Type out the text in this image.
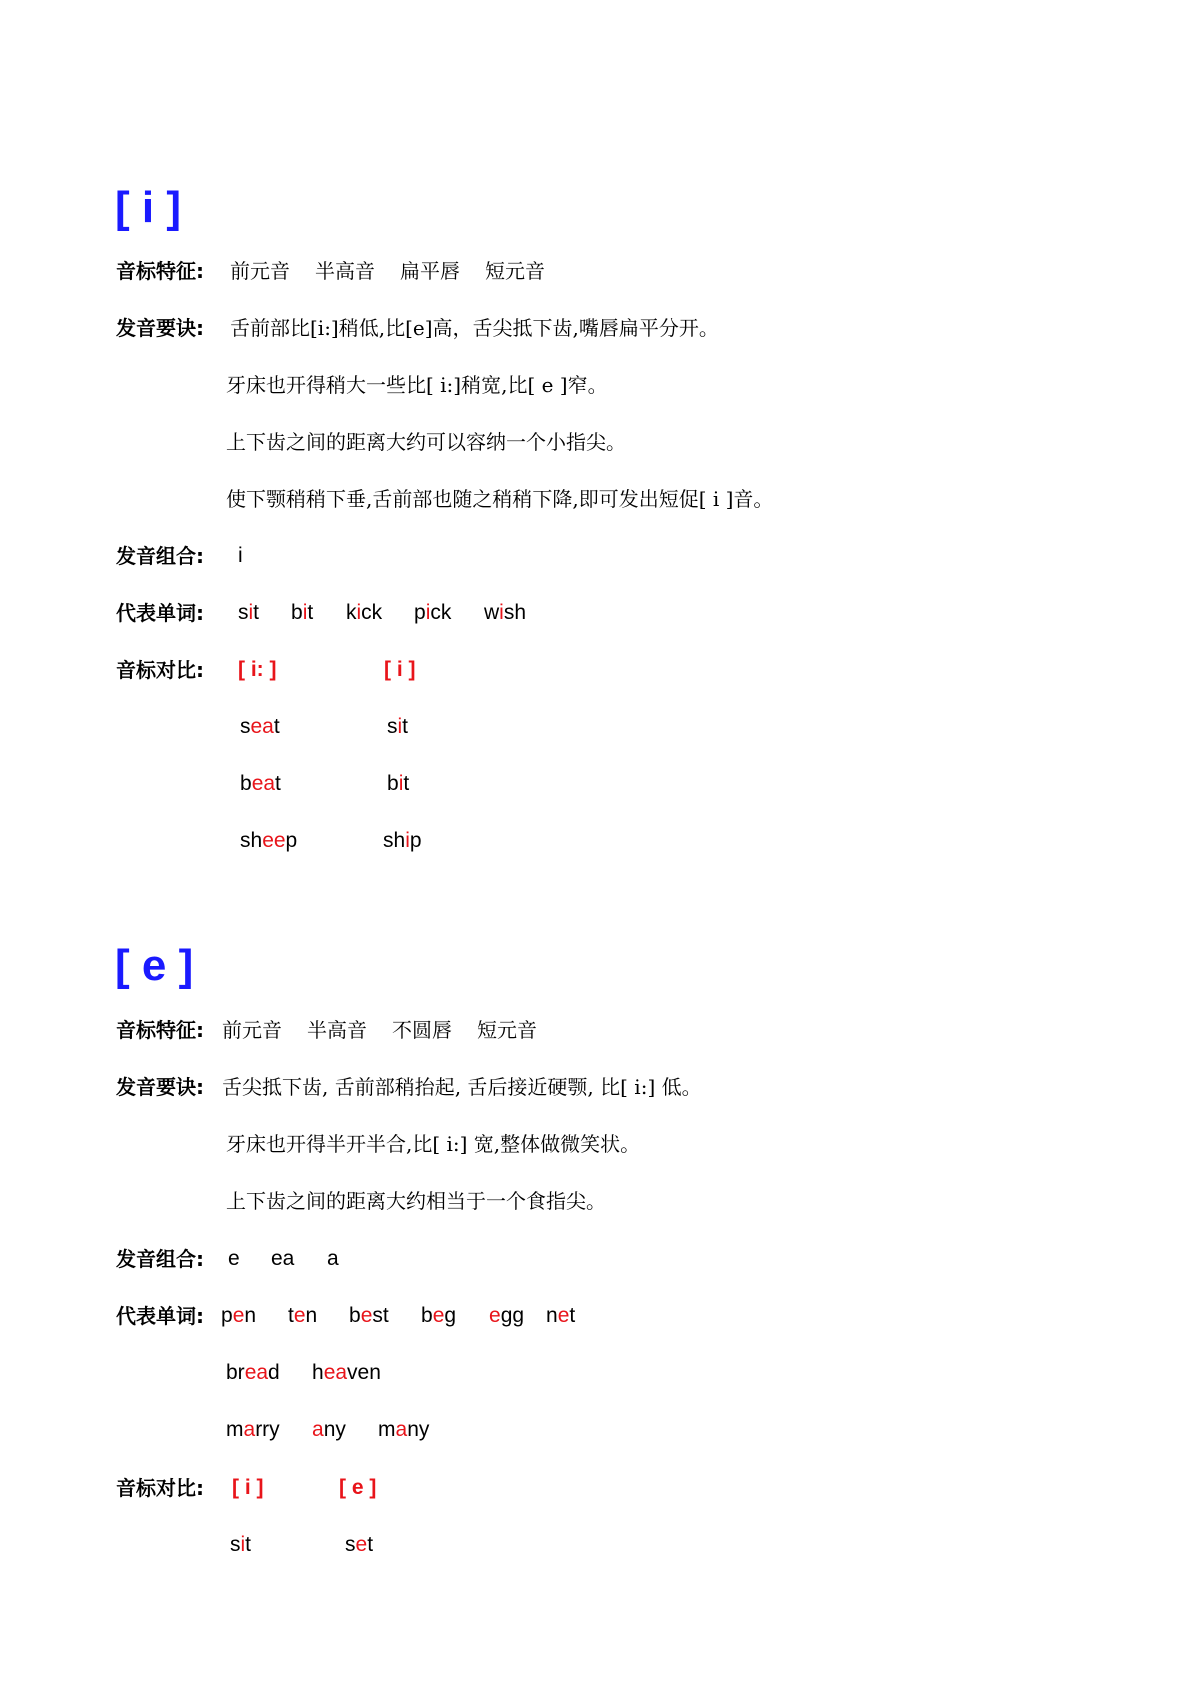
[ i ]
音标特征: 前元音 半高音 扁平唇 短元音
发音要诀: 舌前部比[i:]稍低,比[e]高，舌尖抵下齿,嘴唇扁平分开。
牙床也开得稍大一些比[ i:]稍宽,比[ e ]窄。
上下齿之间的距离大约可以容纳一个小指尖。
使下颚稍稍下垂,舌前部也随之稍稍下降,即可发出短促[ i ]音。
发音组合: i
代表单词: sit bit kick pick wish
音标对比: [ i: ]	[ i ]
seat	sit
beat	bit
sheep	ship
[ e ]
音标特征: 前元音 半高音 不圆唇 短元音
发音要诀: 舌尖抵下齿, 舌前部稍抬起, 舌后接近硬颚, 比[ i:] 低。
牙床也开得半开半合,比[ i:] 宽,整体做微笑状。
上下齿之间的距离大约相当于一个食指尖。
发音组合: e ea a
代表单词: pen ten best beg egg net
bread heaven
marry any many
音标对比: [ i ]	[ e ]
sit	set
